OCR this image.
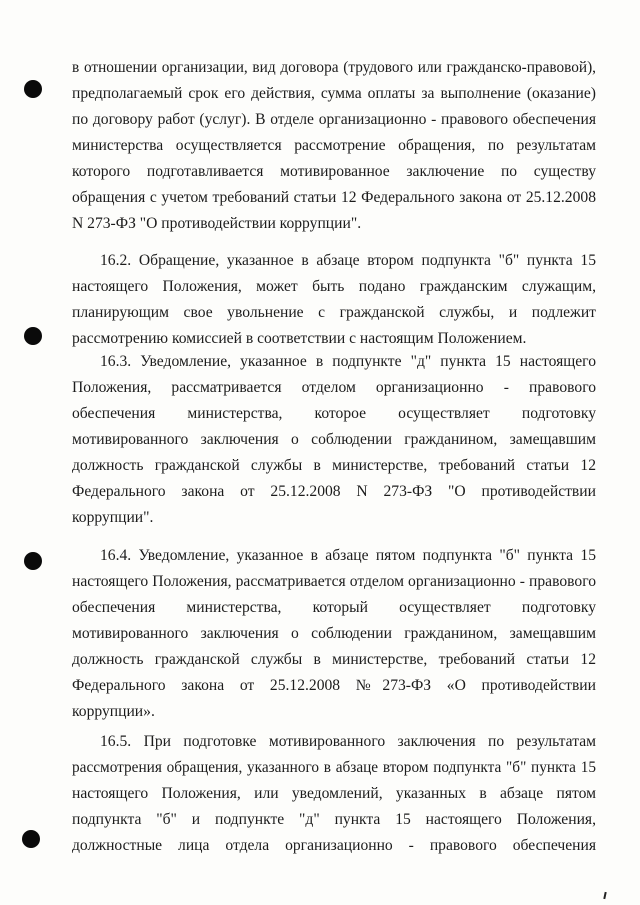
в отношении организации, вид договора (трудового или гражданско-правовой),
предполагаемый срок его действия, сумма оплаты за выполнение (оказание)
по договору работ (услуг). В отделе организационно - правового обеспечения
министерства осуществляется рассмотрение обращения, по результатам
которого подготавливается мотивированное заключение по существу
обращения с учетом требований статьи 12 Федерального закона от 25.12.2008
N 273-ФЗ "О противодействии коррупции".
16.2. Обращение, указанное в абзаце втором подпункта "б" пункта 15
настоящего Положения, может быть подано гражданским служащим,
планирующим свое увольнение с гражданской службы, и подлежит
рассмотрению комиссией в соответствии с настоящим Положением.
16.3. Уведомление, указанное в подпункте "д" пункта 15 настоящего
Положения, рассматривается отделом организационно - правового
обеспечения министерства, которое осуществляет подготовку
мотивированного заключения о соблюдении гражданином, замещавшим
должность гражданской службы в министерстве, требований статьи 12
Федерального закона от 25.12.2008 N 273-ФЗ "О противодействии
коррупции".
16.4. Уведомление, указанное в абзаце пятом подпункта "б" пункта 15
настоящего Положения, рассматривается отделом организационно - правового
обеспечения министерства, который осуществляет подготовку
мотивированного заключения о соблюдении гражданином, замещавшим
должность гражданской службы в министерстве, требований статьи 12
Федерального закона от 25.12.2008 №273-ФЗ «О противодействии
коррупции».
16.5. При подготовке мотивированного заключения по результатам
рассмотрения обращения, указанного в абзаце втором подпункта "б" пункта 15
настоящего Положения, или уведомлений, указанных в абзаце пятом
подпункта "б" и подпункте "д" пункта 15 настоящего Положения,
должностные лица отдела организационно - правового обеспечения
